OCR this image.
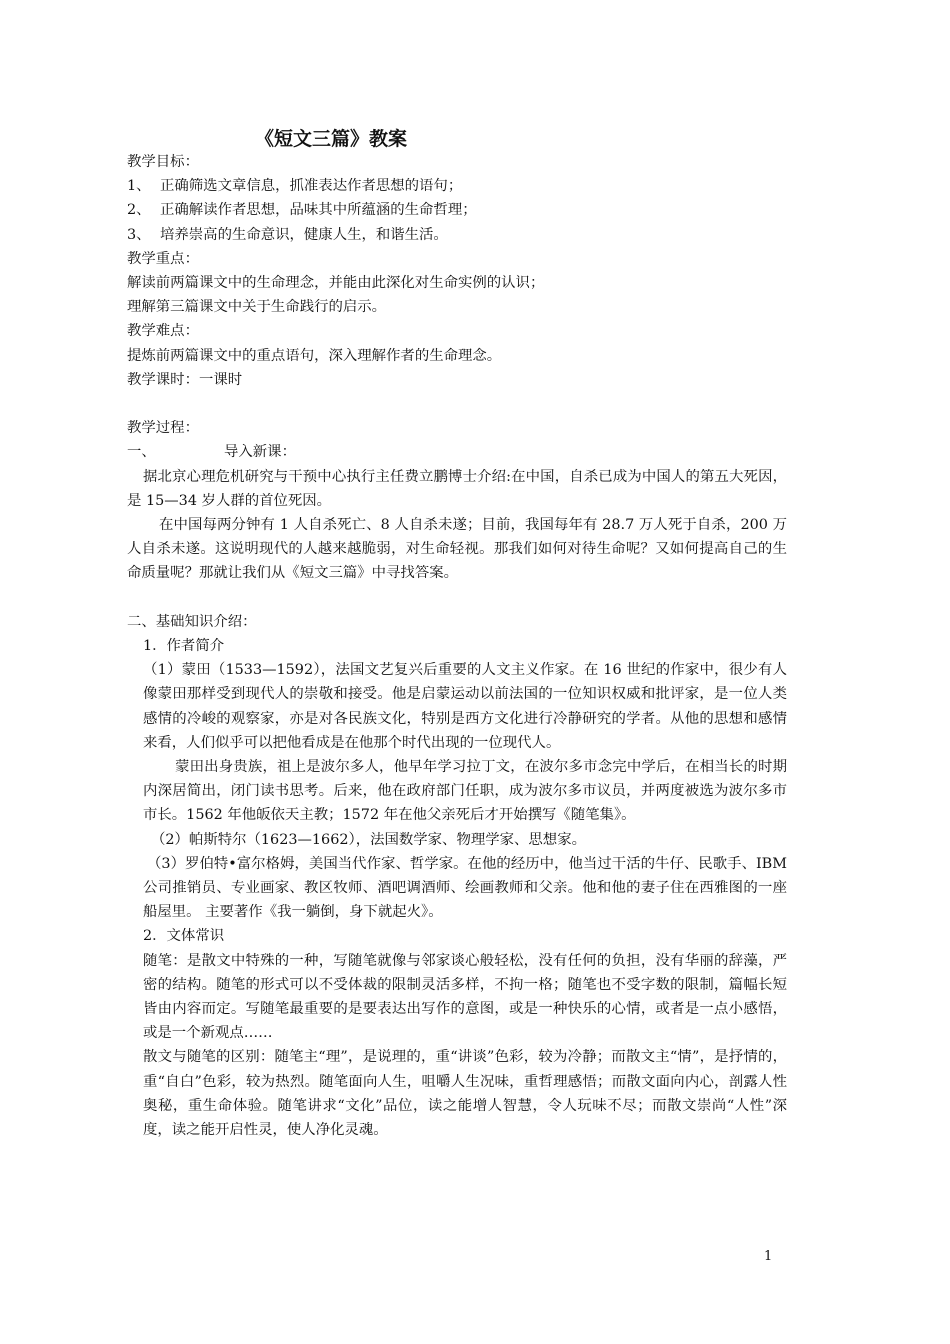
《短文三篇》教案

教学目标：

1、 正确筛选文章信息，抓准表达作者思想的语句；

2、 正确解读作者思想，品味其中所蕴涵的生命哲理；

3、 培养崇高的生命意识，健康人生，和谐生活。

教学重点：

解读前两篇课文中的生命理念，并能由此深化对生命实例的认识；

理解第三篇课文中关于生命践行的启示。

教学难点：

提炼前两篇课文中的重点语句，深入理解作者的生命理念。

教学课时：一课时

教学过程：

一、	导入新课：

据北京心理危机研究与干预中心执行主任费立鹏博士介绍:在中国，自杀已成为中国人的第五大死因，是 15—34 岁人群的首位死因。

在中国每两分钟有 1 人自杀死亡、8 人自杀未遂；目前，我国每年有 28.7 万人死于自杀，200 万人自杀未遂。这说明现代的人越来越脆弱，对生命轻视。那我们如何对待生命呢？又如何提高自己的生命质量呢？那就让我们从《短文三篇》中寻找答案。

二、基础知识介绍：

1．作者简介

（1）蒙田（1533—1592），法国文艺复兴后重要的人文主义作家。在 16 世纪的作家中，很少有人像蒙田那样受到现代人的崇敬和接受。他是启蒙运动以前法国的一位知识权威和批评家，是一位人类感情的冷峻的观察家，亦是对各民族文化，特别是西方文化进行冷静研究的学者。从他的思想和感情来看，人们似乎可以把他看成是在他那个时代出现的一位现代人。

蒙田出身贵族，祖上是波尔多人，他早年学习拉丁文，在波尔多市念完中学后，在相当长的时期内深居简出，闭门读书思考。后来，他在政府部门任职，成为波尔多市议员，并两度被选为波尔多市市长。1562 年他皈依天主教；1572 年在他父亲死后才开始撰写《随笔集》。

（2）帕斯特尔（1623—1662），法国数学家、物理学家、思想家。

（3）罗伯特•富尔格姆，美国当代作家、哲学家。在他的经历中，他当过干活的牛仔、民歌手、IBM 公司推销员、专业画家、教区牧师、酒吧调酒师、绘画教师和父亲。他和他的妻子住在西雅图的一座船屋里。 主要著作《我一躺倒，身下就起火》。

2．文体常识

随笔：是散文中特殊的一种，写随笔就像与邻家谈心般轻松，没有任何的负担，没有华丽的辞藻，严密的结构。随笔的形式可以不受体裁的限制灵活多样，不拘一格；随笔也不受字数的限制，篇幅长短皆由内容而定。写随笔最重要的是要表达出写作的意图，或是一种快乐的心情，或者是一点小感悟，或是一个新观点……

散文与随笔的区别：随笔主“理”，是说理的，重“讲谈”色彩，较为冷静；而散文主“情”，是抒情的，重“自白”色彩，较为热烈。随笔面向人生，咀嚼人生况味，重哲理感悟；而散文面向内心，剖露人性奥秘，重生命体验。随笔讲求“文化”品位，读之能增人智慧，令人玩味不尽；而散文崇尚“人性”深度，读之能开启性灵，使人净化灵魂。

1
